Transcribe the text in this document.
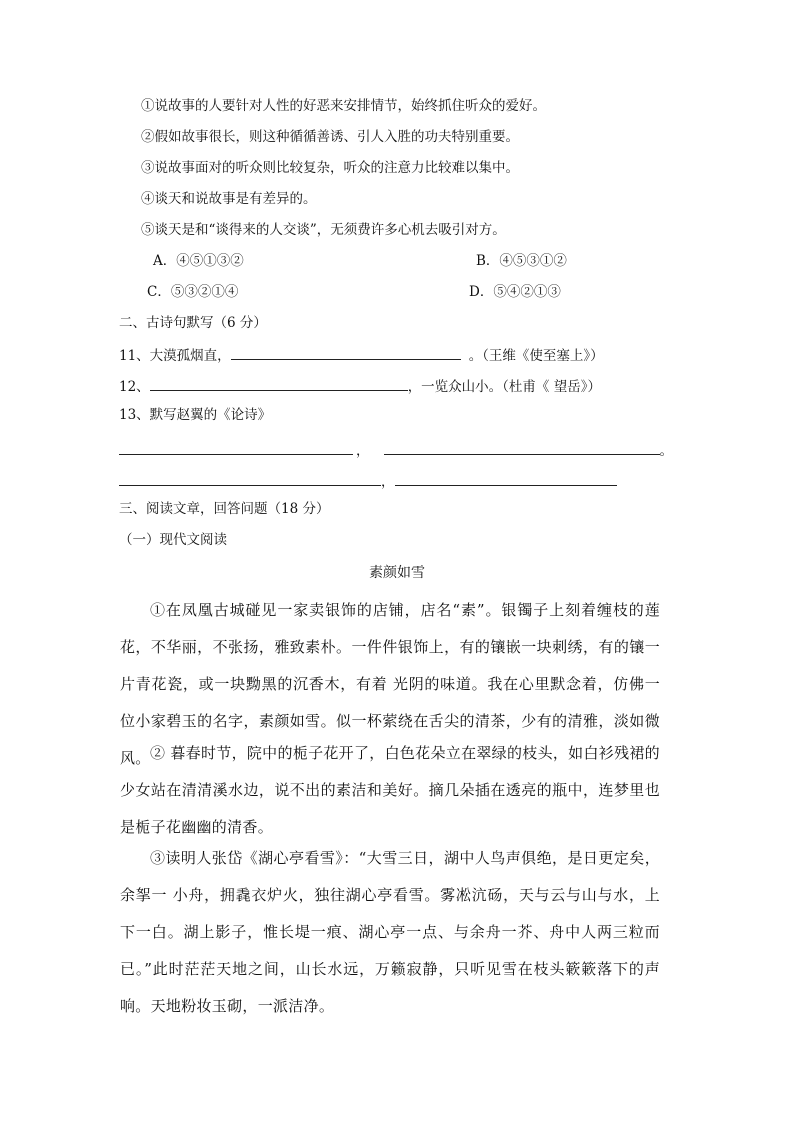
①说故事的人要针对人性的好恶来安排情节，始终抓住听众的爱好。
②假如故事很长，则这种循循善诱、引人入胜的功夫特别重要。
③说故事面对的听众则比较复杂，听众的注意力比较难以集中。
④谈天和说故事是有差异的。
⑤谈天是和“谈得来的人交谈”，无须费许多心机去吸引对方。
A．④⑤①③②	B．④⑤③①②
C．⑤③②①④	D．⑤④②①③
二、古诗句默写（6 分）
11、大漠孤烟直，	。（王维《使至塞上》）
12、	，一览众山小。（杜甫《 望岳》）
13、默写赵翼的《论诗》
，	。
，
三、阅读文章，回答问题（18 分）
（一）现代文阅读
素颜如雪
①在凤凰古城碰见一家卖银饰的店铺，店名“素”。银镯子上刻着缠枝的莲花，不华丽，不张扬，雅致素朴。一件件银饰上，有的镶嵌一块刺绣，有的镶一片青花瓷，或一块黝黑的沉香木，有着 光阴的味道。我在心里默念着，仿佛一位小家碧玉的名字，素颜如雪。似一杯萦绕在舌尖的清茶，少有的清雅，淡如微风。 ② 暮春时节，院中的栀子花开了，白色花朵立在翠绿的枝头，如白衫残裙的少女站在清清溪水边，说不出的素洁和美好。摘几朵插在透亮的瓶中，连梦里也是栀子花幽幽的清香。
③读明人张岱《湖心亭看雪》：“大雪三日，湖中人鸟声俱绝，是日更定矣，余挐一 小舟，拥毳衣炉火，独往湖心亭看雪。雾凇沆砀，天与云与山与水，上下一白。湖上影子，惟长堤一痕、湖心亭一点、与余舟一芥、舟中人两三粒而已。”此时茫茫天地之间，山长水远，万籁寂静，只听见雪在枝头簌簌落下的声响。天地粉妆玉砌，一派洁净。
